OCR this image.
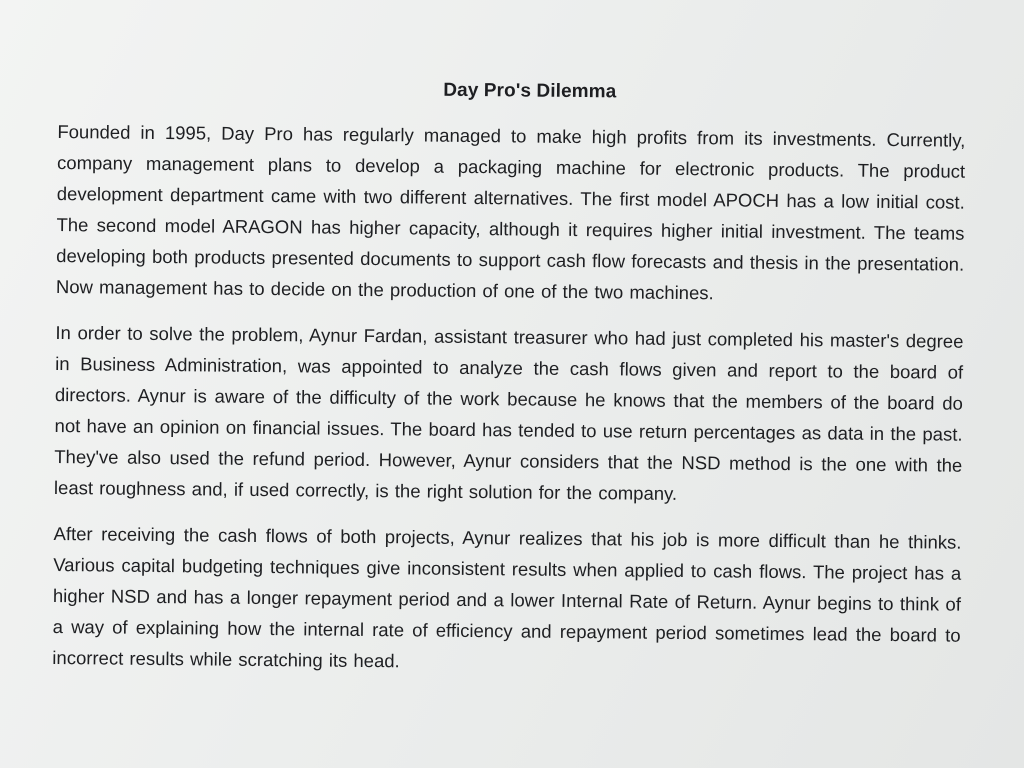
Day Pro's Dilemma

Founded in 1995, Day Pro has regularly managed to make high profits from its investments. Currently, company management plans to develop a packaging machine for electronic products. The product development department came with two different alternatives. The first model APOCH has a low initial cost. The second model ARAGON has higher capacity, although it requires higher initial investment. The teams developing both products presented documents to support cash flow forecasts and thesis in the presentation. Now management has to decide on the production of one of the two machines.

In order to solve the problem, Aynur Fardan, assistant treasurer who had just completed his master's degree in Business Administration, was appointed to analyze the cash flows given and report to the board of directors. Aynur is aware of the difficulty of the work because he knows that the members of the board do not have an opinion on financial issues. The board has tended to use return percentages as data in the past. They've also used the refund period. However, Aynur considers that the NSD method is the one with the least roughness and, if used correctly, is the right solution for the company.

After receiving the cash flows of both projects, Aynur realizes that his job is more difficult than he thinks. Various capital budgeting techniques give inconsistent results when applied to cash flows. The project has a higher NSD and has a longer repayment period and a lower Internal Rate of Return. Aynur begins to think of a way of explaining how the internal rate of efficiency and repayment period sometimes lead the board to incorrect results while scratching its head.
